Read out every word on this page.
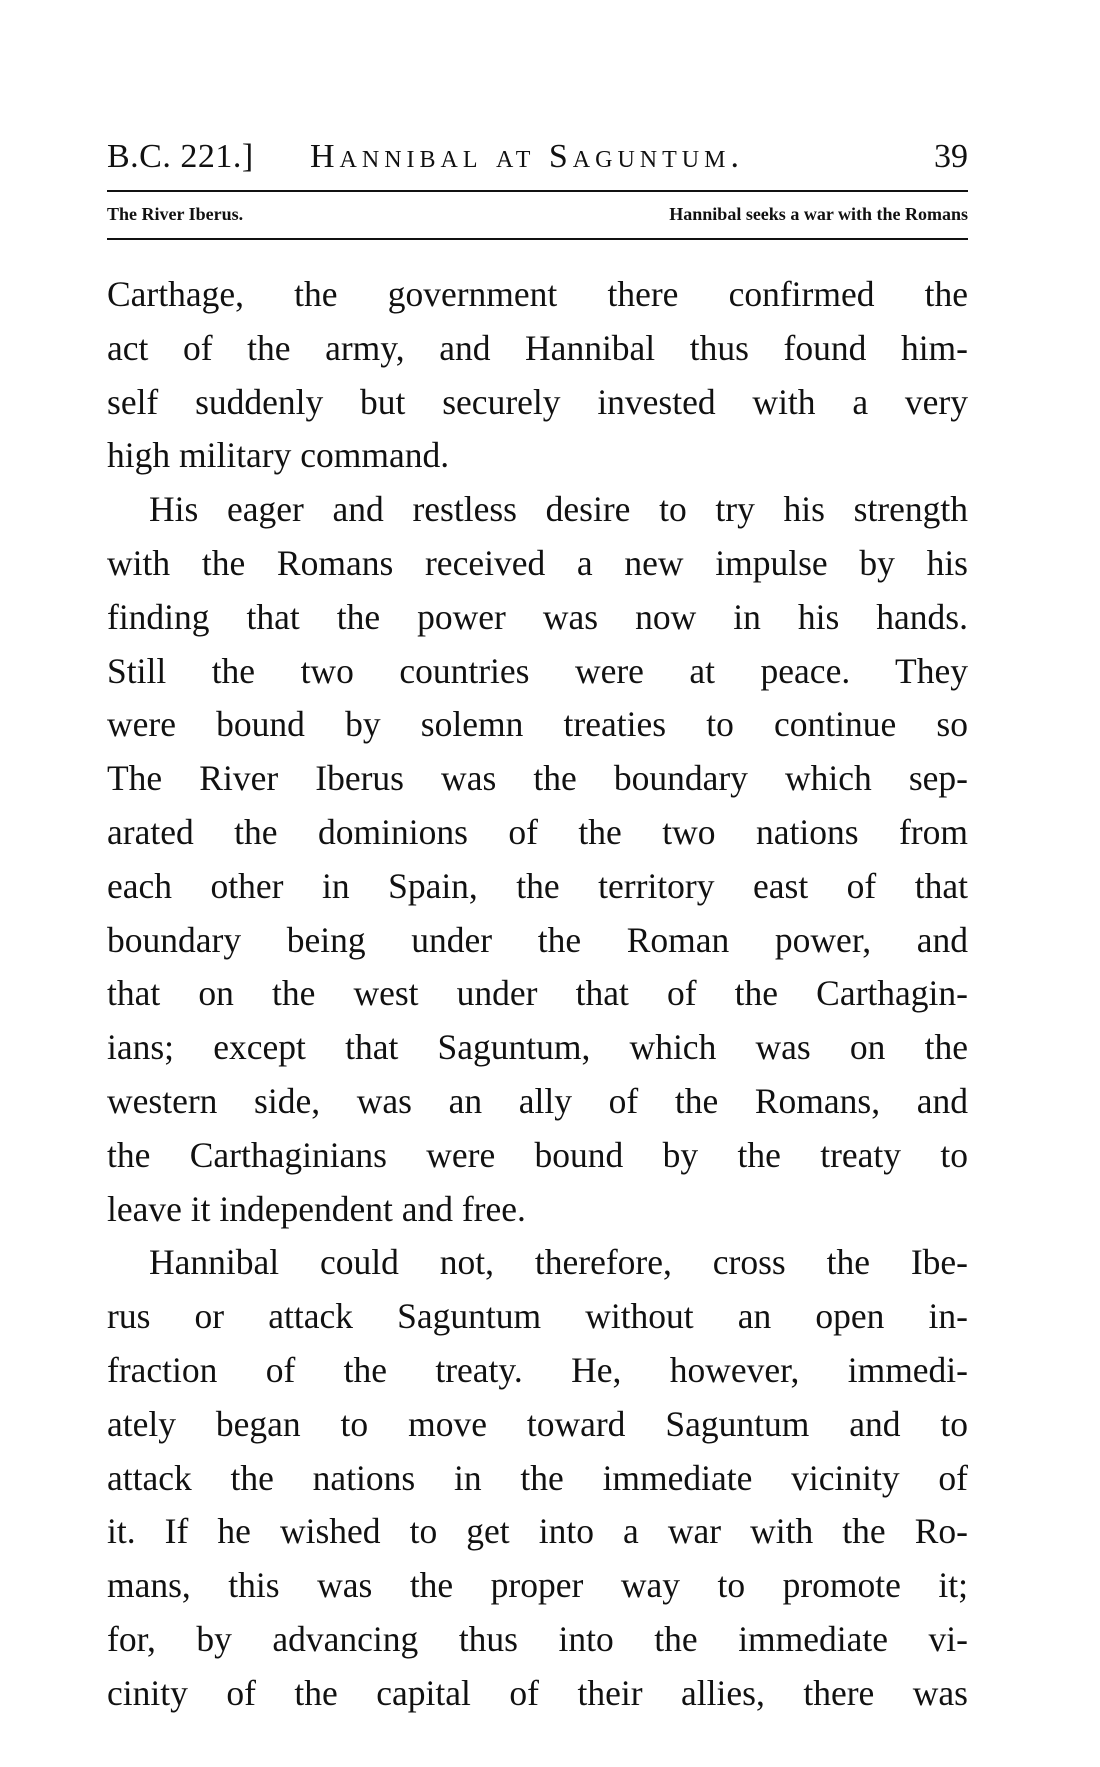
B.C. 221.] Hannibal at Saguntum.	39
The River Iberus.	Hannibal seeks a war with the Romans
Carthage, the government there confirmed the
act of the army, and Hannibal thus found him-
self suddenly but securely invested with a very
high military command.
His eager and restless desire to try his strength
with the Romans received a new impulse by his
finding that the power was now in his hands.
Still the two countries were at peace. They
were bound by solemn treaties to continue so
The River Iberus was the boundary which sep-
arated the dominions of the two nations from
each other in Spain, the territory east of that
boundary being under the Roman power, and
that on the west under that of the Carthagin-
ians; except that Saguntum, which was on the
western side, was an ally of the Romans, and
the Carthaginians were bound by the treaty to
leave it independent and free.
Hannibal could not, therefore, cross the Ibe-
rus or attack Saguntum without an open in-
fraction of the treaty. He, however, immedi-
ately began to move toward Saguntum and to
attack the nations in the immediate vicinity of
it. If he wished to get into a war with the Ro-
mans, this was the proper way to promote it;
for, by advancing thus into the immediate vi-
cinity of the capital of their allies, there was
